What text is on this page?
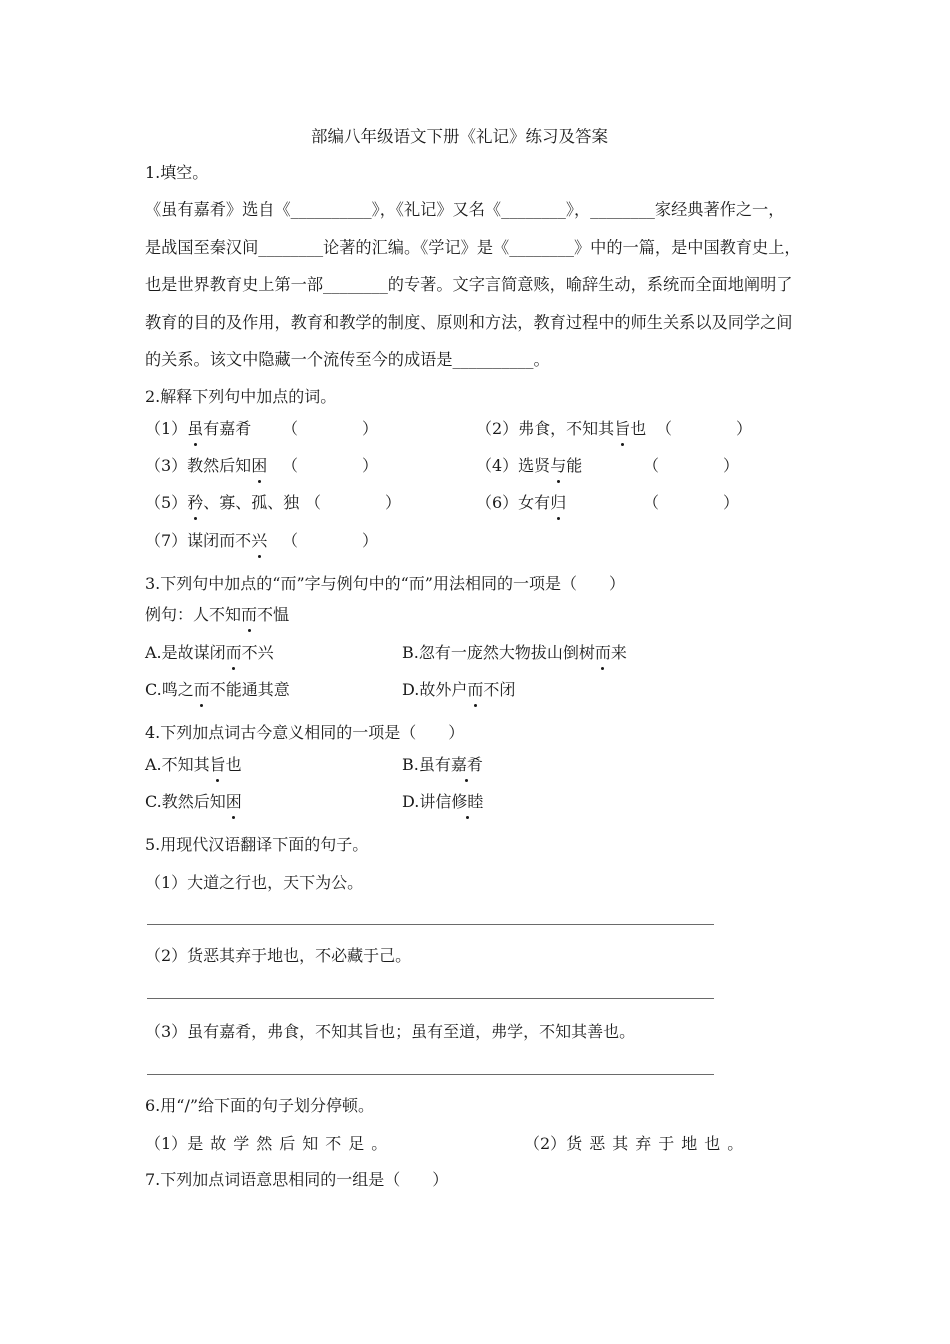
部编八年级语文下册《礼记》练习及答案
1.填空。
《虽有嘉肴》选自《__________》，《礼记》又名《________》，________家经典著作之一，
是战国至秦汉间________论著的汇编。《学记》是《________》中的一篇，是中国教育史上，
也是世界教育史上第一部________的专著。文字言简意赅，喻辞生动，系统而全面地阐明了
教育的目的及作用，教育和教学的制度、原则和方法，教育过程中的师生关系以及同学之间
的关系。该文中隐藏一个流传至今的成语是__________。
2.解释下列句中加点的词。
（1）虽有嘉肴 （　　　　）	（2）弗食，不知其旨也 （　　　　）
（3）教然后知困 （　　　　）	（4）选贤与能	（　　　　）
（5）矜、寡、孤、独 （　　　　）	（6）女有归	（　　　　）
（7）谋闭而不兴 （　　　　）
3.下列句中加点的“而”字与例句中的“而”用法相同的一项是（　　）
例句：人不知而不愠
A.是故谋闭而不兴	B.忽有一庞然大物拔山倒树而来
C.鸣之而不能通其意	D.故外户而不闭
4.下列加点词古今意义相同的一项是（　　）
A.不知其旨也	B.虽有嘉肴
C.教然后知困	D.讲信修睦
5.用现代汉语翻译下面的句子。
（1）大道之行也，天下为公。
（2）货恶其弃于地也，不必藏于己。
（3）虽有嘉肴，弗食，不知其旨也；虽有至道，弗学，不知其善也。
6.用“/”给下面的句子划分停顿。
（1）是故学然后知不足。	（2）货恶其弃于地也。
7.下列加点词语意思相同的一组是（　　）
